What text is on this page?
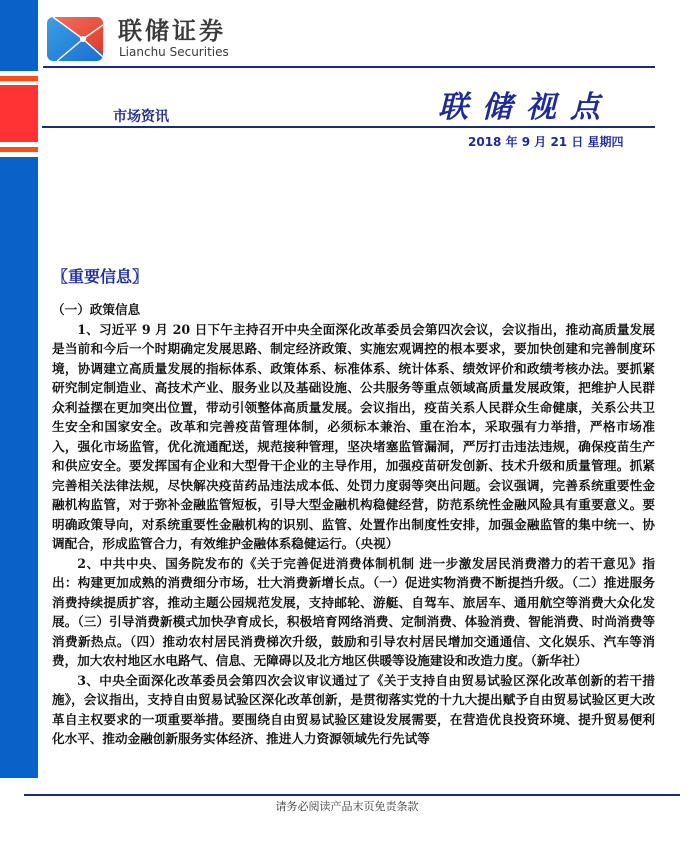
联储证券
Lianchu Securities
市场资讯	联储视点
2018 年 9 月 21 日 星期四
〖重要信息〗
（一）政策信息

1、习近平 9 月 20 日下午主持召开中央全面深化改革委员会第四次会议，会议指出，推动高质量发展是当前和今后一个时期确定发展思路、制定经济政策、实施宏观调控的根本要求，要加快创建和完善制度环境，协调建立高质量发展的指标体系、政策体系、标准体系、统计体系、绩效评价和政绩考核办法。要抓紧研究制定制造业、高技术产业、服务业以及基础设施、公共服务等重点领域高质量发展政策，把维护人民群众利益摆在更加突出位置，带动引领整体高质量发展。会议指出，疫苗关系人民群众生命健康，关系公共卫生安全和国家安全。改革和完善疫苗管理体制，必须标本兼治、重在治本，采取强有力举措，严格市场准入，强化市场监管，优化流通配送，规范接种管理，坚决堵塞监管漏洞，严厉打击违法违规，确保疫苗生产和供应安全。要发挥国有企业和大型骨干企业的主导作用，加强疫苗研发创新、技术升级和质量管理。抓紧完善相关法律法规，尽快解决疫苗药品违法成本低、处罚力度弱等突出问题。会议强调，完善系统重要性金融机构监管，对于弥补金融监管短板，引导大型金融机构稳健经营，防范系统性金融风险具有重要意义。要明确政策导向，对系统重要性金融机构的识别、监管、处置作出制度性安排，加强金融监管的集中统一、协调配合，形成监管合力，有效维护金融体系稳健运行。（央视）

2、中共中央、国务院发布的《关于完善促进消费体制机制 进一步激发居民消费潜力的若干意见》指出：构建更加成熟的消费细分市场，壮大消费新增长点。（一）促进实物消费不断提挡升级。（二）推进服务消费持续提质扩容，推动主题公园规范发展，支持邮轮、游艇、自驾车、旅居车、通用航空等消费大众化发展。（三）引导消费新模式加快孕育成长，积极培育网络消费、定制消费、体验消费、智能消费、时尚消费等消费新热点。（四）推动农村居民消费梯次升级，鼓励和引导农村居民增加交通通信、文化娱乐、汽车等消费，加大农村地区水电路气、信息、无障碍以及北方地区供暖等设施建设和改造力度。（新华社）

3、中央全面深化改革委员会第四次会议审议通过了《关于支持自由贸易试验区深化改革创新的若干措施》，会议指出，支持自由贸易试验区深化改革创新，是贯彻落实党的十九大提出赋予自由贸易试验区更大改革自主权要求的一项重要举措。要围绕自由贸易试验区建设发展需要，在营造优良投资环境、提升贸易便利化水平、推动金融创新服务实体经济、推进人力资源领域先行先试等

请务必阅读产品末页免责条款
